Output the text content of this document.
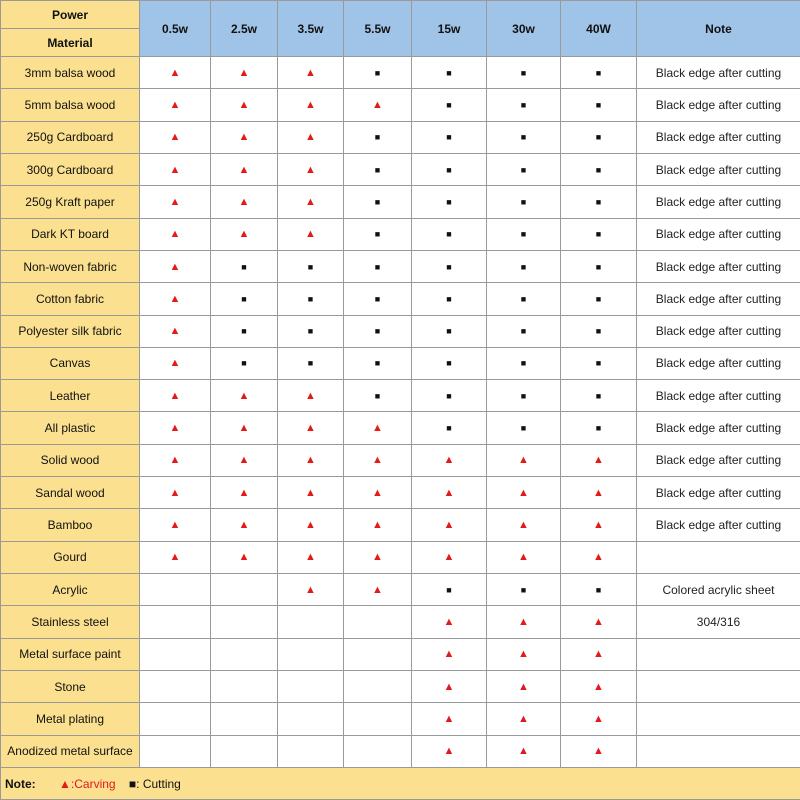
Power
Material	0.5w	2.5w	3.5w	5.5w	15w	30w	40W	Note
3mm balsa wood	▲	▲	▲	■	■	■	■	Black edge after cutting
5mm balsa wood	▲	▲	▲	▲	■	■	■	Black edge after cutting
250g Cardboard	▲	▲	▲	■	■	■	■	Black edge after cutting
300g Cardboard	▲	▲	▲	■	■	■	■	Black edge after cutting
250g Kraft paper	▲	▲	▲	■	■	■	■	Black edge after cutting
Dark KT board	▲	▲	▲	■	■	■	■	Black edge after cutting
Non-woven fabric	▲	■	■	■	■	■	■	Black edge after cutting
Cotton fabric	▲	■	■	■	■	■	■	Black edge after cutting
Polyester silk fabric	▲	■	■	■	■	■	■	Black edge after cutting
Canvas	▲	■	■	■	■	■	■	Black edge after cutting
Leather	▲	▲	▲	■	■	■	■	Black edge after cutting
All plastic	▲	▲	▲	▲	■	■	■	Black edge after cutting
Solid wood	▲	▲	▲	▲	▲	▲	▲	Black edge after cutting
Sandal wood	▲	▲	▲	▲	▲	▲	▲	Black edge after cutting
Bamboo	▲	▲	▲	▲	▲	▲	▲	Black edge after cutting
Gourd	▲	▲	▲	▲	▲	▲	▲	
Acrylic			▲	▲	■	■	■	Colored acrylic sheet
Stainless steel					▲	▲	▲	304/316
Metal surface paint					▲	▲	▲	
Stone					▲	▲	▲	
Metal plating					▲	▲	▲	
Anodized metal surface					▲	▲	▲	
Note: ▲:Carving ■: Cutting								
